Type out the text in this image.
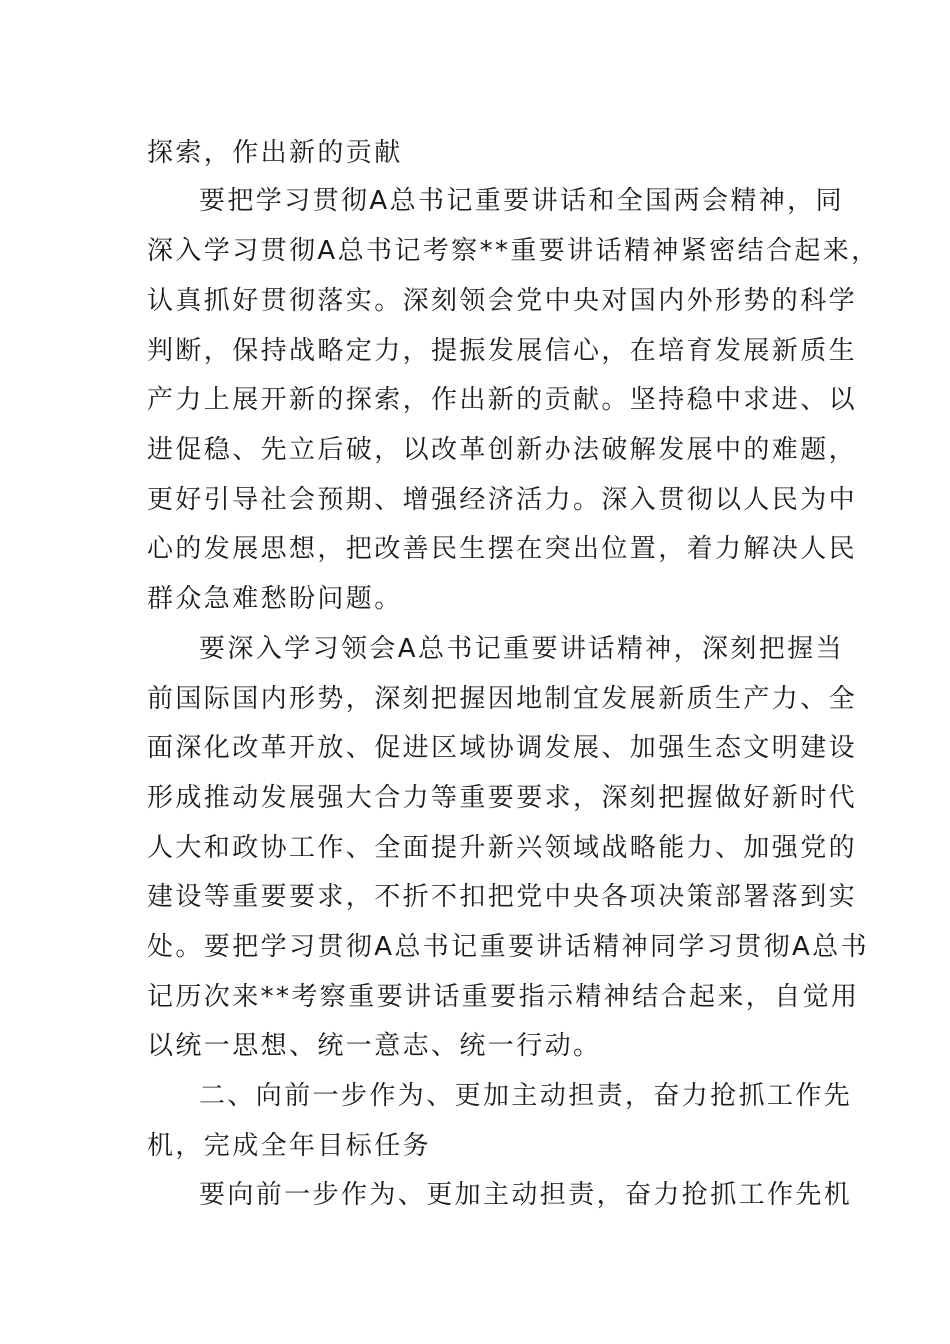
探索，作出新的贡献
要把学习贯彻A总书记重要讲话和全国两会精神，同
深入学习贯彻A总书记考察**重要讲话精神紧密结合起来，
认真抓好贯彻落实。深刻领会党中央对国内外形势的科学
判断，保持战略定力，提振发展信心，在培育发展新质生
产力上展开新的探索，作出新的贡献。坚持稳中求进、以
进促稳、先立后破，以改革创新办法破解发展中的难题，
更好引导社会预期、增强经济活力。深入贯彻以人民为中
心的发展思想，把改善民生摆在突出位置，着力解决人民
群众急难愁盼问题。
要深入学习领会A总书记重要讲话精神，深刻把握当
前国际国内形势，深刻把握因地制宜发展新质生产力、全
面深化改革开放、促进区域协调发展、加强生态文明建设
形成推动发展强大合力等重要要求，深刻把握做好新时代
人大和政协工作、全面提升新兴领域战略能力、加强党的
建设等重要要求，不折不扣把党中央各项决策部署落到实
处。要把学习贯彻A总书记重要讲话精神同学习贯彻A总书
记历次来**考察重要讲话重要指示精神结合起来，自觉用
以统一思想、统一意志、统一行动。
二、向前一步作为、更加主动担责，奋力抢抓工作先
机，完成全年目标任务
要向前一步作为、更加主动担责，奋力抢抓工作先机
